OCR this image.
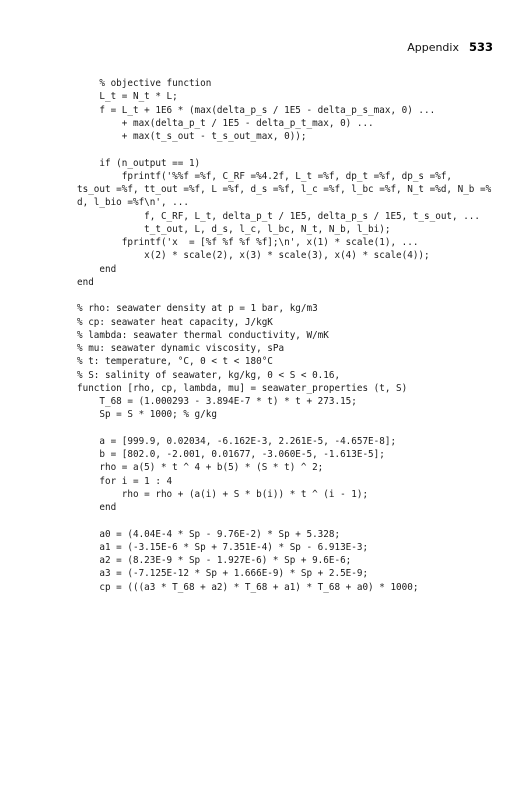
Appendix 533
% objective function
L_t = N_t * L;
f = L_t + 1E6 * (max(delta_p_s / 1E5 - delta_p_s_max, 0) ...
+ max(delta_p_t / 1E5 - delta_p_t_max, 0) ...
+ max(t_s_out - t_s_out_max, 0));
if (n_output == 1)
fprintf('%%f =%f, C_RF =%4.2f, L_t =%f, dp_t =%f, dp_s =%f,
ts_out =%f, tt_out =%f, L =%f, d_s =%f, l_c =%f, l_bc =%f, N_t =%d, N_b =%
d, l_bio =%f\n', ...
f, C_RF, L_t, delta_p_t / 1E5, delta_p_s / 1E5, t_s_out, ...
t_t_out, L, d_s, l_c, l_bc, N_t, N_b, l_bi);
fprintf('x  = [%f %f %f %f];\n', x(1) * scale(1), ...
x(2) * scale(2), x(3) * scale(3), x(4) * scale(4));
end
end
% rho: seawater density at p = 1 bar, kg/m3
% cp: seawater heat capacity, J/kgK
% lambda: seawater thermal conductivity, W/mK
% mu: seawater dynamic viscosity, sPa
% t: temperature, °C, 0 < t < 180°C
% S: salinity of seawater, kg/kg, 0 < S < 0.16,
function [rho, cp, lambda, mu] = seawater_properties (t, S)
T_68 = (1.000293 - 3.894E-7 * t) * t + 273.15;
Sp = S * 1000; % g/kg
a = [999.9, 0.02034, -6.162E-3, 2.261E-5, -4.657E-8];
b = [802.0, -2.001, 0.01677, -3.060E-5, -1.613E-5];
rho = a(5) * t ^ 4 + b(5) * (S * t) ^ 2;
for i = 1 : 4
rho = rho + (a(i) + S * b(i)) * t ^ (i - 1);
end
a0 = (4.04E-4 * Sp - 9.76E-2) * Sp + 5.328;
a1 = (-3.15E-6 * Sp + 7.351E-4) * Sp - 6.913E-3;
a2 = (8.23E-9 * Sp - 1.927E-6) * Sp + 9.6E-6;
a3 = (-7.125E-12 * Sp + 1.666E-9) * Sp + 2.5E-9;
cp = (((a3 * T_68 + a2) * T_68 + a1) * T_68 + a0) * 1000;
